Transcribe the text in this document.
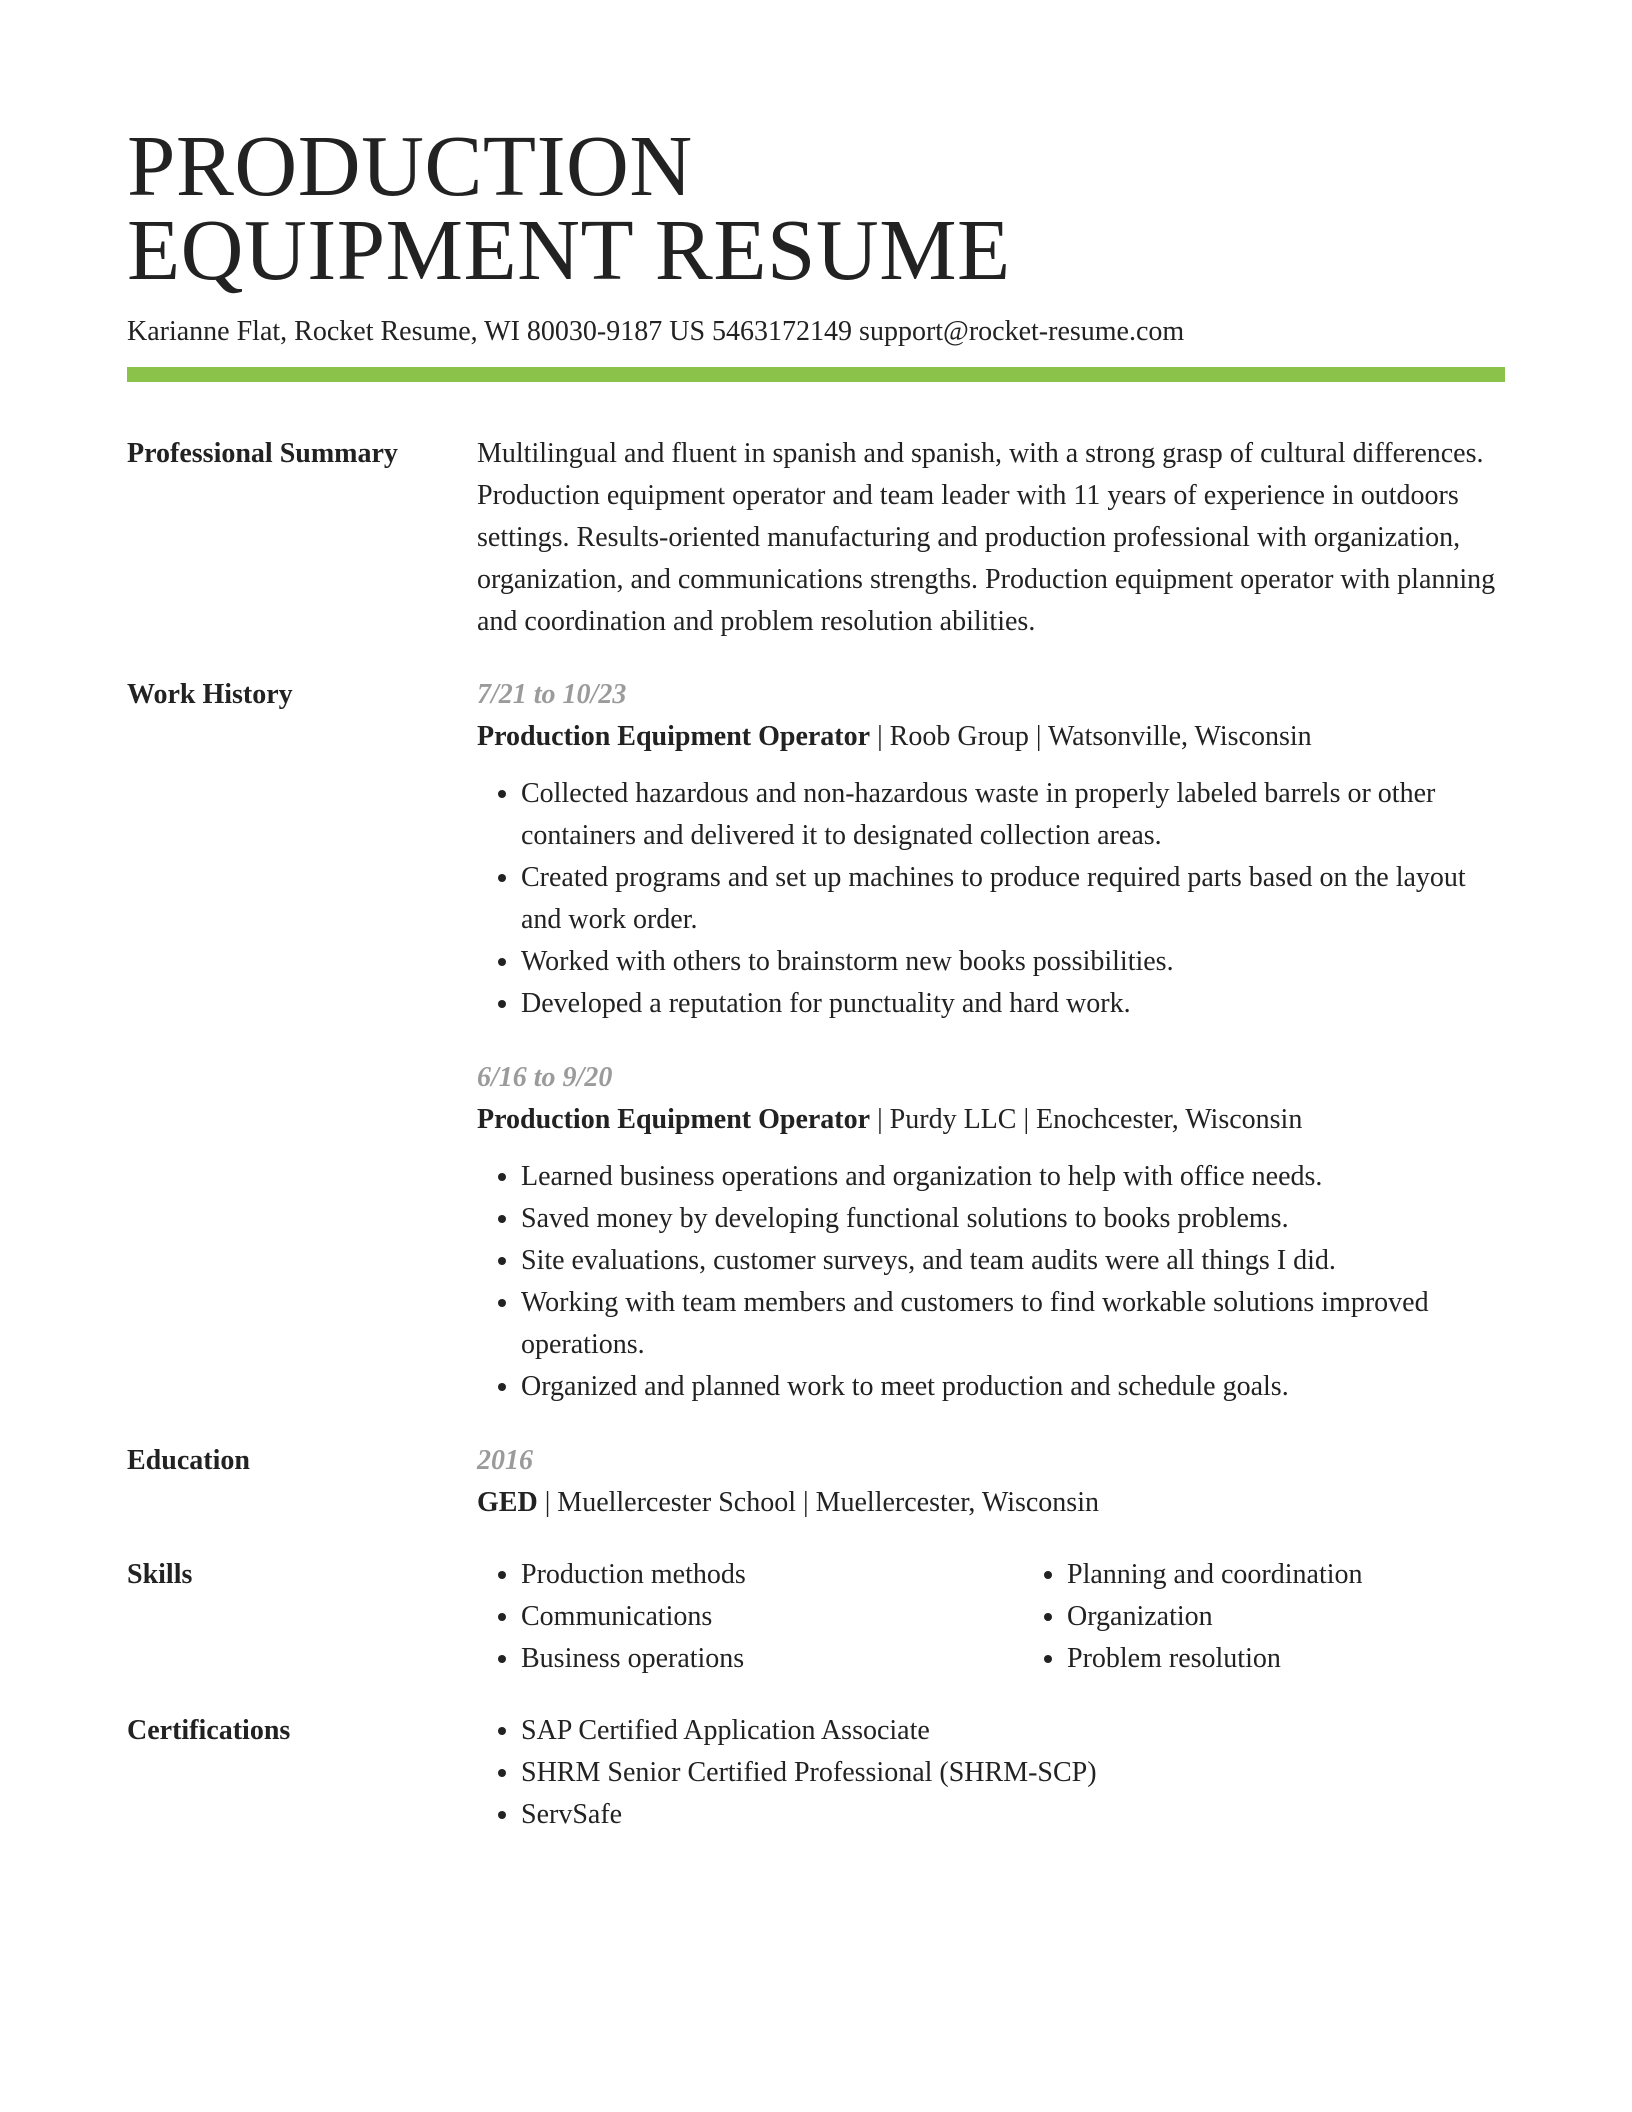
PRODUCTION
EQUIPMENT RESUME
Karianne Flat, Rocket Resume, WI 80030-9187 US 5463172149 support@rocket-resume.com
Professional Summary	Multilingual and fluent in spanish and spanish, with a strong grasp of cultural differences. Production equipment operator and team leader with 11 years of experience in outdoors settings. Results-oriented manufacturing and production professional with organization, organization, and communications strengths. Production equipment operator with planning and coordination and problem resolution abilities.

Work History	7/21 to 10/23
Production Equipment Operator | Roob Group | Watsonville, Wisconsin
• Collected hazardous and non-hazardous waste in properly labeled barrels or other containers and delivered it to designated collection areas.
• Created programs and set up machines to produce required parts based on the layout and work order.
• Worked with others to brainstorm new books possibilities.
• Developed a reputation for punctuality and hard work.
6/16 to 9/20
Production Equipment Operator | Purdy LLC | Enochcester, Wisconsin
• Learned business operations and organization to help with office needs.
• Saved money by developing functional solutions to books problems.
• Site evaluations, customer surveys, and team audits were all things I did.
• Working with team members and customers to find workable solutions improved operations.
• Organized and planned work to meet production and schedule goals.
Education	2016
GED | Muellercester School | Muellercester, Wisconsin
Skills	• Production methods
• Communications
• Business operations
• Planning and coordination
• Organization
• Problem resolution
Certifications	• SAP Certified Application Associate
• SHRM Senior Certified Professional (SHRM-SCP)
• ServSafe
